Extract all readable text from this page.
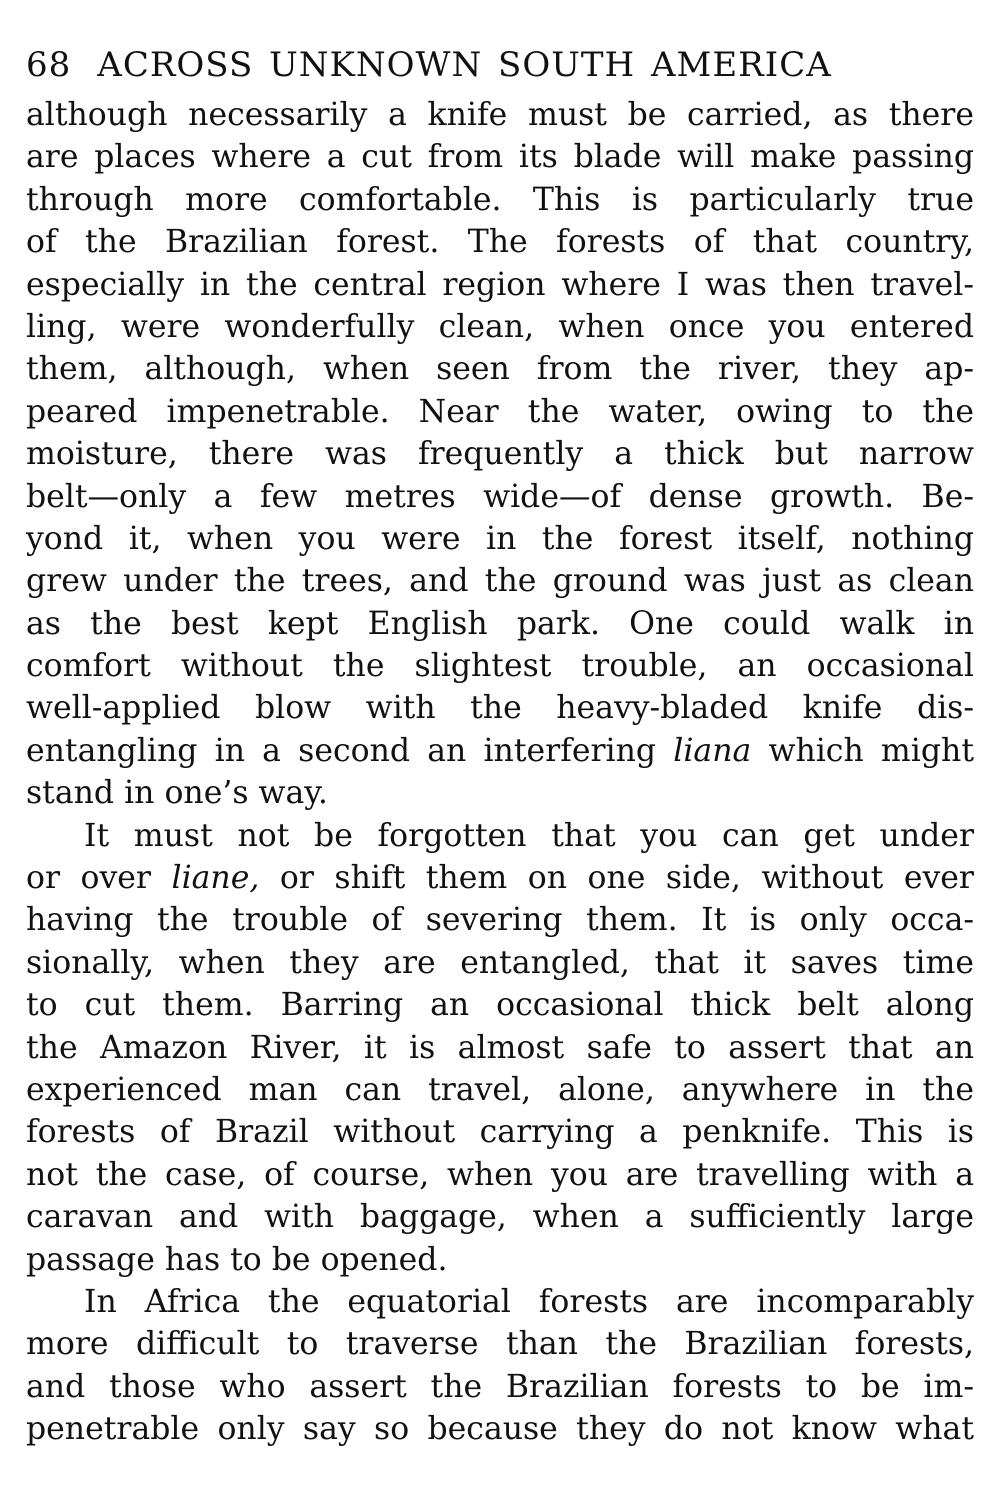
68 ACROSS UNKNOWN SOUTH AMERICA
although necessarily a knife must be carried, as there
are places where a cut from its blade will make passing
through more comfortable. This is particularly true
of the Brazilian forest. The forests of that country,
especially in the central region where I was then travel-
ling, were wonderfully clean, when once you entered
them, although, when seen from the river, they ap-
peared impenetrable. Near the water, owing to the
moisture, there was frequently a thick but narrow
belt—only a few metres wide—of dense growth. Be-
yond it, when you were in the forest itself, nothing
grew under the trees, and the ground was just as clean
as the best kept English park. One could walk in
comfort without the slightest trouble, an occasional
well-applied blow with the heavy-bladed knife dis-
entangling in a second an interfering liana which might
stand in one’s way.
It must not be forgotten that you can get under
or over liane, or shift them on one side, without ever
having the trouble of severing them. It is only occa-
sionally, when they are entangled, that it saves time
to cut them. Barring an occasional thick belt along
the Amazon River, it is almost safe to assert that an
experienced man can travel, alone, anywhere in the
forests of Brazil without carrying a penknife. This is
not the case, of course, when you are travelling with a
caravan and with baggage, when a sufficiently large
passage has to be opened.
In Africa the equatorial forests are incomparably
more difficult to traverse than the Brazilian forests,
and those who assert the Brazilian forests to be im-
penetrable only say so because they do not know what
